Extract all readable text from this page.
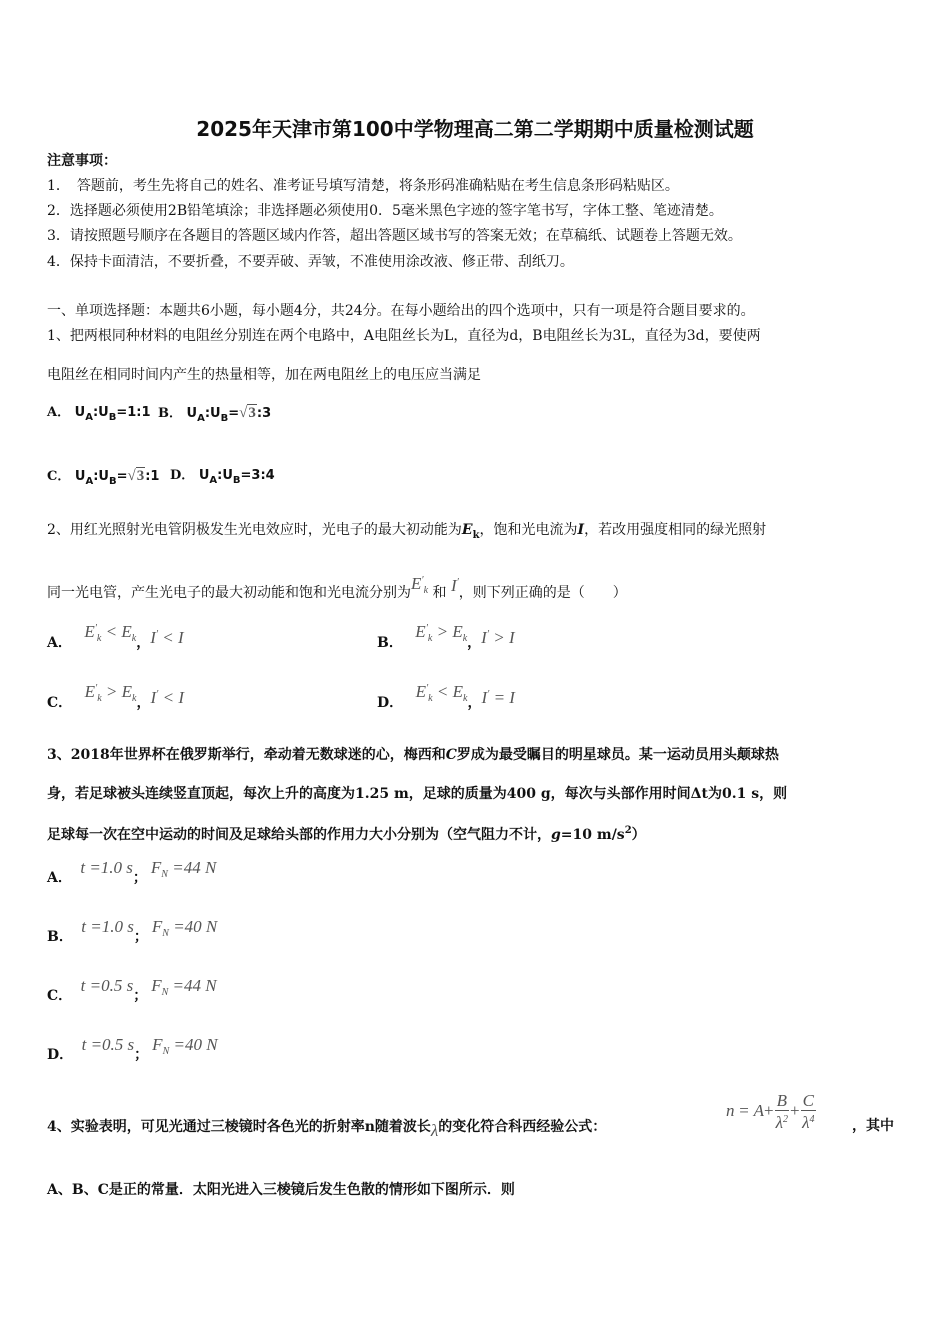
2025年天津市第100中学物理高二第二学期期中质量检测试题
注意事项：
1．　答题前，考生先将自己的姓名、准考证号填写清楚，将条形码准确粘贴在考生信息条形码粘贴区。
2．选择题必须使用2B铅笔填涂；非选择题必须使用0．5毫米黑色字迹的签字笔书写，字体工整、笔迹清楚。
3．请按照题号顺序在各题目的答题区域内作答，超出答题区域书写的答案无效；在草稿纸、试题卷上答题无效。
4．保持卡面清洁，不要折叠，不要弄破、弄皱，不准使用涂改液、修正带、刮纸刀。
一、单项选择题：本题共6小题，每小题4分，共24分。在每小题给出的四个选项中，只有一项是符合题目要求的。
1、把两根同种材料的电阻丝分别连在两个电路中，A电阻丝长为L，直径为d，B电阻丝长为3L，直径为3d，要使两
电阻丝在相同时间内产生的热量相等，加在两电阻丝上的电压应当满足
A． $U_A:U_B=1:1$ B． $U_A:U_B=√3:3$
C． $U_A:U_B=√3:1$ D． $U_A:U_B=3:4$
2、用红光照射光电管阴极发生光电效应时，光电子的最大初动能为$E_k$，饱和光电流为I，若改用强度相同的绿光照射
同一光电管，产生光电子的最大初动能和饱和光电流分别为$E'_k$ 和 I′，则下列正确的是（　　）
A． $E'_k < E_k$，I′ < I	B． $E'_k > E_k$，I′ > I
C． $E'_k > E_k$，I′ < I	D． $E'_k < E_k$，I′ = I
3、2018年世界杯在俄罗斯举行，牵动着无数球迷的心，梅西和C罗成为最受瞩目的明星球员。某一运动员用头颠球热
身，若足球被头连续竖直顶起，每次上升的高度为1.25 m，足球的质量为400 g，每次与头部作用时间Δt为0.1 s，则
足球每一次在空中运动的时间及足球给头部的作用力大小分别为（空气阻力不计，g=10 $m/s^2$）
A． t =1.0 s；$F_N =44$ N
B． t =1.0 s；$F_N =40$ N
C． t =0.5 s；$F_N =44$ N
D． t =0.5 s；$F_N =40$ N
4、实验表明，可见光通过三棱镜时各色光的折射率n随着波长λ的变化符合科西经验公式：
$n = A+ \frac{B}{\lambda^2} + \frac{C}{\lambda^4}$	，其中
A、B、C是正的常量．太阳光进入三棱镜后发生色散的情形如下图所示．则
